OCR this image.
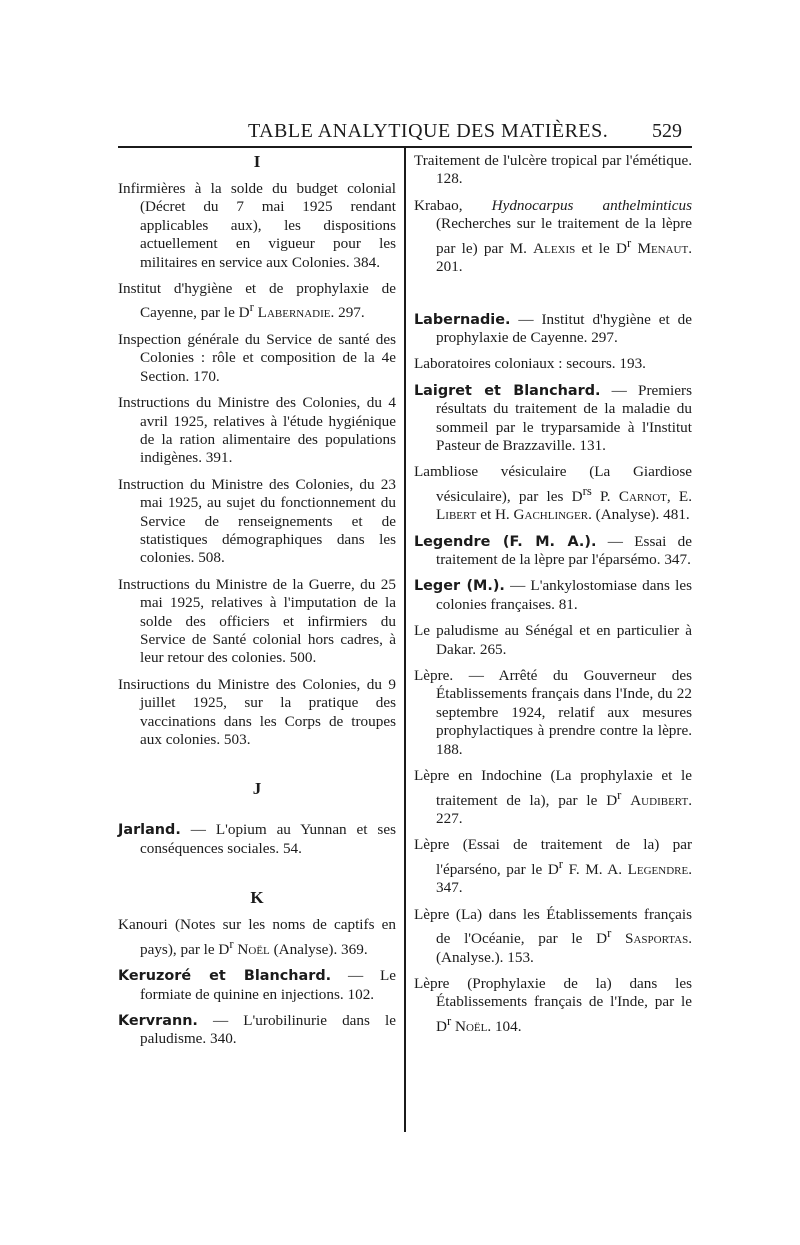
TABLE ANALYTIQUE DES MATIÈRES. 529
I

Infirmières à la solde du budget colonial (Décret du 7 mai 1925 rendant applicables aux), les dispositions actuellement en vigueur pour les militaires en service aux Colonies. 384.

Institut d'hygiène et de prophylaxie de Cayenne, par le $D^r$ Labernadie. 297.

Inspection générale du Service de santé des Colonies : rôle et composition de la 4e Section. 170.

Instructions du Ministre des Colonies, du 4 avril 1925, relatives à l'étude hygiénique de la ration alimentaire des populations indigènes. 391.

Instruction du Ministre des Colonies, du 23 mai 1925, au sujet du fonctionnement du Service de renseignements et de statistiques démographiques dans les colonies. 508.

Instructions du Ministre de la Guerre, du 25 mai 1925, relatives à l'imputation de la solde des officiers et infirmiers du Service de Santé colonial hors cadres, à leur retour des colonies. 500.

Insiructions du Ministre des Colonies, du 9 juillet 1925, sur la pratique des vaccinations dans les Corps de troupes aux colonies. 503.

J

Jarland. — L'opium au Yunnan et ses conséquences sociales. 54.

K

Kanouri (Notes sur les noms de captifs en pays), par le $D^r$ Noël (Analyse). 369.

Keruzoré et Blanchard. — Le formiate de quinine en injections. 102.

Kervrann. — L'urobilinurie dans le paludisme. 340.

Traitement de l'ulcère tropical par l'émétique. 128.

Krabao, Hydnocarpus anthelminticus (Recherches sur le traitement de la lèpre par le) par M. Alexis et le $D^r$ Menaut. 201.

Labernadie. — Institut d'hygiène et de prophylaxie de Cayenne. 297.

Laboratoires coloniaux : secours. 193.

Laigret et Blanchard. — Premiers résultats du traitement de la maladie du sommeil par le tryparsamide à l'Institut Pasteur de Brazzaville. 131.

Lambliose vésiculaire (La Giardiose vésiculaire), par les $D^{rs}$ P. Carnot, E. Libert et H. Gachlinger. (Analyse). 481.

Legendre (F. M. A.). — Essai de traitement de la lèpre par l'éparsémo. 347.

Leger (M.). — L'ankylostomiase dans les colonies françaises. 81.

Le paludisme au Sénégal et en particulier à Dakar. 265.

Lèpre. — Arrêté du Gouverneur des Établissements français dans l'Inde, du 22 septembre 1924, relatif aux mesures prophylactiques à prendre contre la lèpre. 188.

Lèpre en Indochine (La prophylaxie et le traitement de la), par le $D^r$ Audibert. 227.

Lèpre (Essai de traitement de la) par l'éparséno, par le $D^r$ F. M. A. Legendre. 347.

Lèpre (La) dans les Établissements français de l'Océanie, par le $D^r$ Sasportas. (Analyse.). 153.

Lèpre (Prophylaxie de la) dans les Établissements français de l'Inde, par le $D^r$ Noël. 104.
